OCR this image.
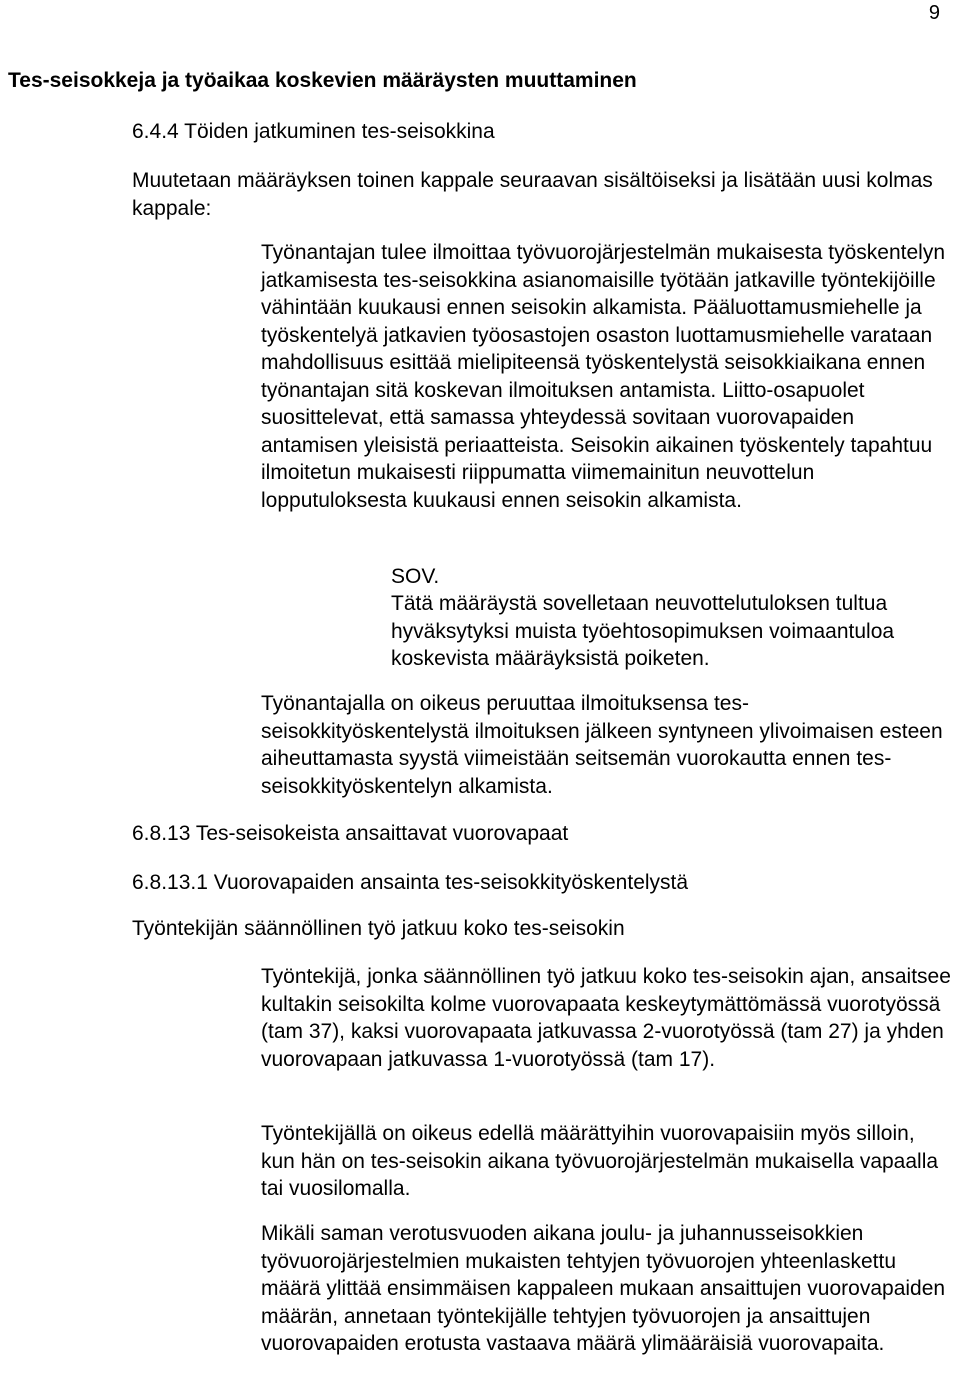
9
Tes-seisokkeja ja työaikaa koskevien määräysten muuttaminen

6.4.4 Töiden jatkuminen tes-seisokkina

Muutetaan määräyksen toinen kappale seuraavan sisältöiseksi ja lisätään uusi kolmas kappale:

Työnantajan tulee ilmoittaa työvuorojärjestelmän mukaisesta työskentelyn jatkamisesta tes-seisokkina asianomaisille työtään jatkaville työntekijöille vähintään kuukausi ennen seisokin alkamista. Pääluottamusmiehelle ja työskentelyä jatkavien työosastojen osaston luottamusmiehelle varataan mahdollisuus esittää mielipiteensä työskentelystä seisokkiaikana ennen työnantajan sitä koskevan ilmoituksen antamista. Liitto-osapuolet suosittelevat, että samassa yhteydessä sovitaan vuorovapaiden antamisen yleisistä periaatteista. Seisokin aikainen työskentely tapahtuu ilmoitetun mukaisesti riippumatta viimemainitun neuvottelun lopputuloksesta kuukausi ennen seisokin alkamista.

SOV.

Tätä määräystä sovelletaan neuvottelutuloksen tultua hyväksytyksi muista työehtosopimuksen voimaantuloa koskevista määräyksistä poiketen.

Työnantajalla on oikeus peruuttaa ilmoituksensa tes-seisokkityöskentelystä ilmoituksen jälkeen syntyneen ylivoimaisen esteen aiheuttamasta syystä viimeistään seitsemän vuorokautta ennen tes-seisokkityöskentelyn alkamista.

6.8.13 Tes-seisokeista ansaittavat vuorovapaat

6.8.13.1 Vuorovapaiden ansainta tes-seisokkityöskentelystä

Työntekijän säännöllinen työ jatkuu koko tes-seisokin

Työntekijä, jonka säännöllinen työ jatkuu koko tes-seisokin ajan, ansaitsee kultakin seisokilta kolme vuorovapaata keskeytymättömässä vuorotyössä (tam 37), kaksi vuorovapaata jatkuvassa 2-vuorotyössä (tam 27) ja yhden vuorovapaan jatkuvassa 1-vuorotyössä (tam 17).

Työntekijällä on oikeus edellä määrättyihin vuorovapaisiin myös silloin, kun hän on tes-seisokin aikana työvuorojärjestelmän mukaisella vapaalla tai vuosilomalla.

Mikäli saman verotusvuoden aikana joulu- ja juhannusseisokkien työvuorojärjestelmien mukaisten tehtyjen työvuorojen yhteenlaskettu määrä ylittää ensimmäisen kappaleen mukaan ansaittujen vuorovapaiden määrän, annetaan työntekijälle tehtyjen työvuorojen ja ansaittujen vuorovapaiden erotusta vastaava määrä ylimääräisiä vuorovapaita.
